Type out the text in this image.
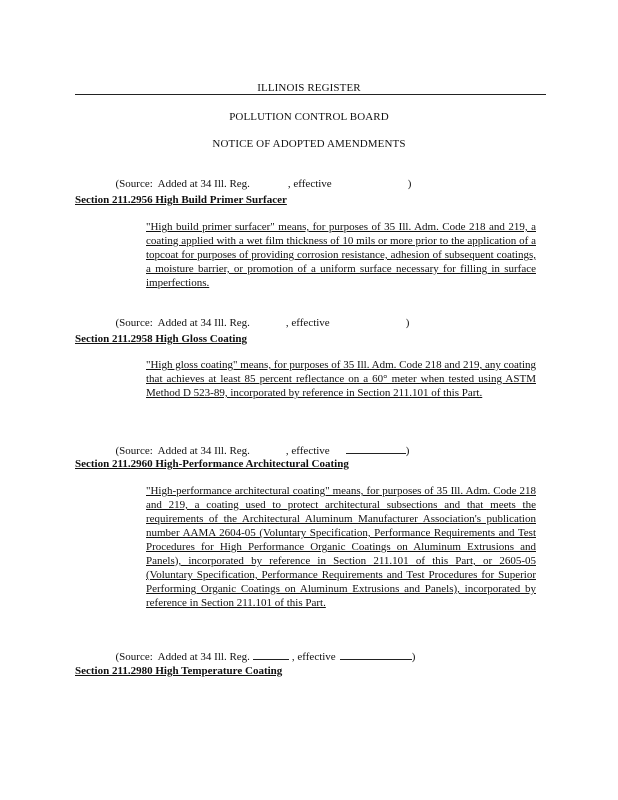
ILLINOIS REGISTER
POLLUTION CONTROL BOARD
NOTICE OF ADOPTED AMENDMENTS

(Source:  Added at 34 Ill. Reg.	, effective	)

Section 211.2956 High Build Primer Surfacer
"High build primer surfacer" means, for purposes of 35 Ill. Adm. Code 218 and 219, a coating applied with a wet film thickness of 10 mils or more prior to the application of a topcoat for purposes of providing corrosion resistance, adhesion of subsequent coatings, a moisture barrier, or promotion of a uniform surface necessary for filling in surface imperfections.

(Source:  Added at 34 Ill. Reg.	, effective	)

Section 211.2958 High Gloss Coating
"High gloss coating" means, for purposes of 35 Ill. Adm. Code 218 and 219, any coating that achieves at least 85 percent reflectance on a 60° meter when tested using ASTM Method D 523-89, incorporated by reference in Section 211.101 of this Part.

(Source:  Added at 34 Ill. Reg.	, effective	)

Section 211.2960 High-Performance Architectural Coating
"High-performance architectural coating" means, for purposes of 35 Ill. Adm. Code 218 and 219, a coating used to protect architectural subsections and that meets the requirements of the Architectural Aluminum Manufacturer Association's publication number AAMA 2604-05 (Voluntary Specification, Performance Requirements and Test Procedures for High Performance Organic Coatings on Aluminum Extrusions and Panels), incorporated by reference in Section 211.101 of this Part, or 2605-05 (Voluntary Specification, Performance Requirements and Test Procedures for Superior Performing Organic Coatings on Aluminum Extrusions and Panels), incorporated by reference in Section 211.101 of this Part.

(Source:  Added at 34 Ill. Reg.	, effective	)

Section 211.2980 High Temperature Coating
